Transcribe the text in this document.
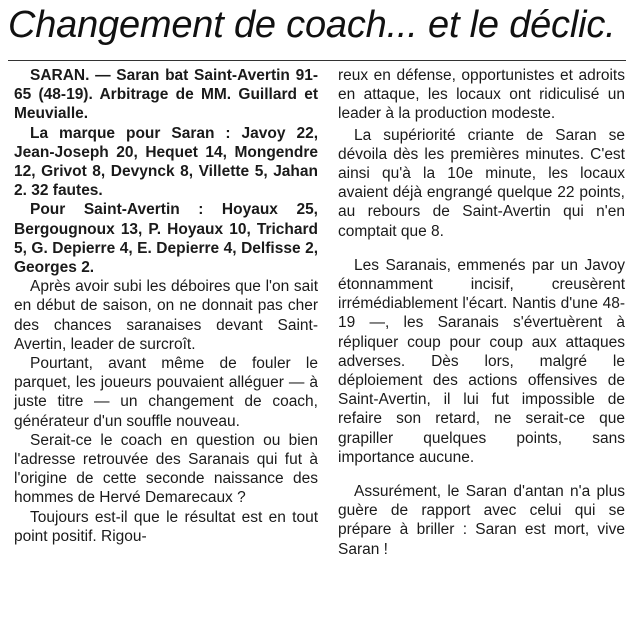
Changement de coach... et le déclic.

SARAN. — Saran bat Saint-Avertin 91-65 (48-19). Arbitrage de MM. Guillard et Meuvialle.

La marque pour Saran : Javoy 22, Jean-Joseph 20, Hequet 14, Mongendre 12, Grivot 8, Devynck 8, Villette 5, Jahan 2. 32 fautes.

Pour Saint-Avertin : Hoyaux 25, Bergougnoux 13, P. Hoyaux 10, Trichard 5, G. Depierre 4, E. Depierre 4, Delfisse 2, Georges 2.

Après avoir subi les déboires que l'on sait en début de saison, on ne donnait pas cher des chances saranaises devant Saint-Avertin, leader de surcroît.

Pourtant, avant même de fouler le parquet, les joueurs pouvaient alléguer — à juste titre — un changement de coach, générateur d'un souffle nouveau.

Serait-ce le coach en question ou bien l'adresse retrouvée des Saranais qui fut à l'origine de cette seconde naissance des hommes de Hervé Demarecaux ?

Toujours est-il que le résultat est en tout point positif. Rigou-

reux en défense, opportunistes et adroits en attaque, les locaux ont ridiculisé un leader à la production modeste.

La supériorité criante de Saran se dévoila dès les premières minutes. C'est ainsi qu'à la 10e minute, les locaux avaient déjà engrangé quelque 22 points, au rebours de Saint-Avertin qui n'en comptait que 8.

Les Saranais, emmenés par un Javoy étonnamment incisif, creusèrent irrémédiablement l'écart. Nantis d'une 48-19 —, les Saranais s'évertuèrent à répliquer coup pour coup aux attaques adverses. Dès lors, malgré le déploiement des actions offensives de Saint-Avertin, il lui fut impossible de refaire son retard, ne serait-ce que grapiller quelques points, sans importance aucune.

Assurément, le Saran d'antan n'a plus guère de rapport avec celui qui se prépare à briller : Saran est mort, vive Saran !
